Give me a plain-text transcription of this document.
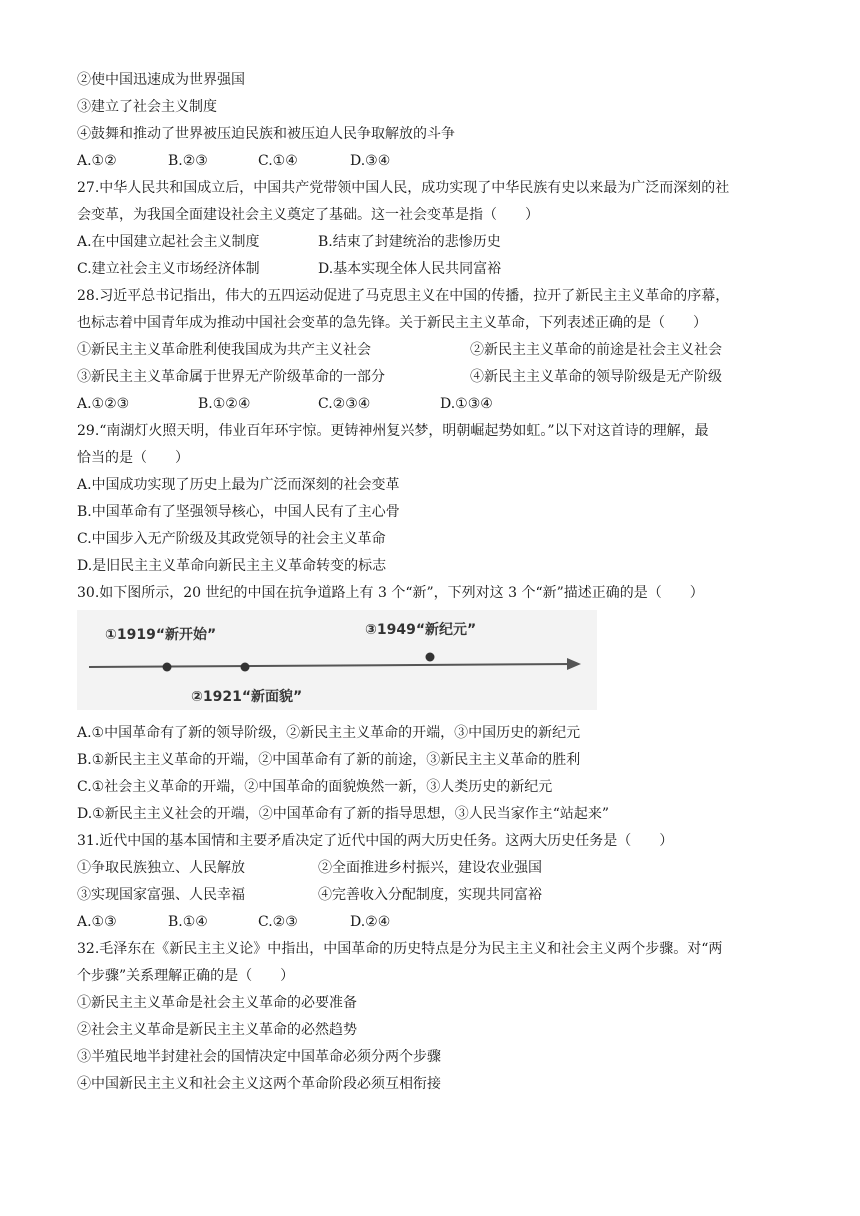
②使中国迅速成为世界强国
③建立了社会主义制度
④鼓舞和推动了世界被压迫民族和被压迫人民争取解放的斗争
A.①②	B.②③	C.①④	D.③④
27.中华人民共和国成立后，中国共产党带领中国人民，成功实现了中华民族有史以来最为广泛而深刻的社
会变革，为我国全面建设社会主义奠定了基础。这一社会变革是指（　　）
A.在中国建立起社会主义制度	B.结束了封建统治的悲惨历史
C.建立社会主义市场经济体制	D.基本实现全体人民共同富裕
28.习近平总书记指出，伟大的五四运动促进了马克思主义在中国的传播，拉开了新民主主义革命的序幕，
也标志着中国青年成为推动中国社会变革的急先锋。关于新民主主义革命，下列表述正确的是（　　）
①新民主主义革命胜利使我国成为共产主义社会	②新民主主义革命的前途是社会主义社会
③新民主主义革命属于世界无产阶级革命的一部分	④新民主主义革命的领导阶级是无产阶级
A.①②③	B.①②④	C.②③④	D.①③④
29.“南湖灯火照天明，伟业百年环宇惊。更铸神州复兴梦，明朝崛起势如虹。”以下对这首诗的理解，最
恰当的是（　　）
A.中国成功实现了历史上最为广泛而深刻的社会变革
B.中国革命有了坚强领导核心，中国人民有了主心骨
C.中国步入无产阶级及其政党领导的社会主义革命
D.是旧民主主义革命向新民主主义革命转变的标志
30.如下图所示，20 世纪的中国在抗争道路上有 3 个“新”，下列对这 3 个“新”描述正确的是（　　）
①1919“新开始”
②1921“新面貌”
③1949“新纪元”
A.①中国革命有了新的领导阶级，②新民主主义革命的开端，③中国历史的新纪元
B.①新民主主义革命的开端，②中国革命有了新的前途，③新民主主义革命的胜利
C.①社会主义革命的开端，②中国革命的面貌焕然一新，③人类历史的新纪元
D.①新民主主义社会的开端，②中国革命有了新的指导思想，③人民当家作主“站起来”
31.近代中国的基本国情和主要矛盾决定了近代中国的两大历史任务。这两大历史任务是（　　）
①争取民族独立、人民解放	②全面推进乡村振兴，建设农业强国
③实现国家富强、人民幸福	④完善收入分配制度，实现共同富裕
A.①③	B.①④	C.②③	D.②④
32.毛泽东在《新民主主义论》中指出，中国革命的历史特点是分为民主主义和社会主义两个步骤。对“两
个步骤”关系理解正确的是（　　）
①新民主主义革命是社会主义革命的必要准备
②社会主义革命是新民主主义革命的必然趋势
③半殖民地半封建社会的国情决定中国革命必须分两个步骤
④中国新民主主义和社会主义这两个革命阶段必须互相衔接
